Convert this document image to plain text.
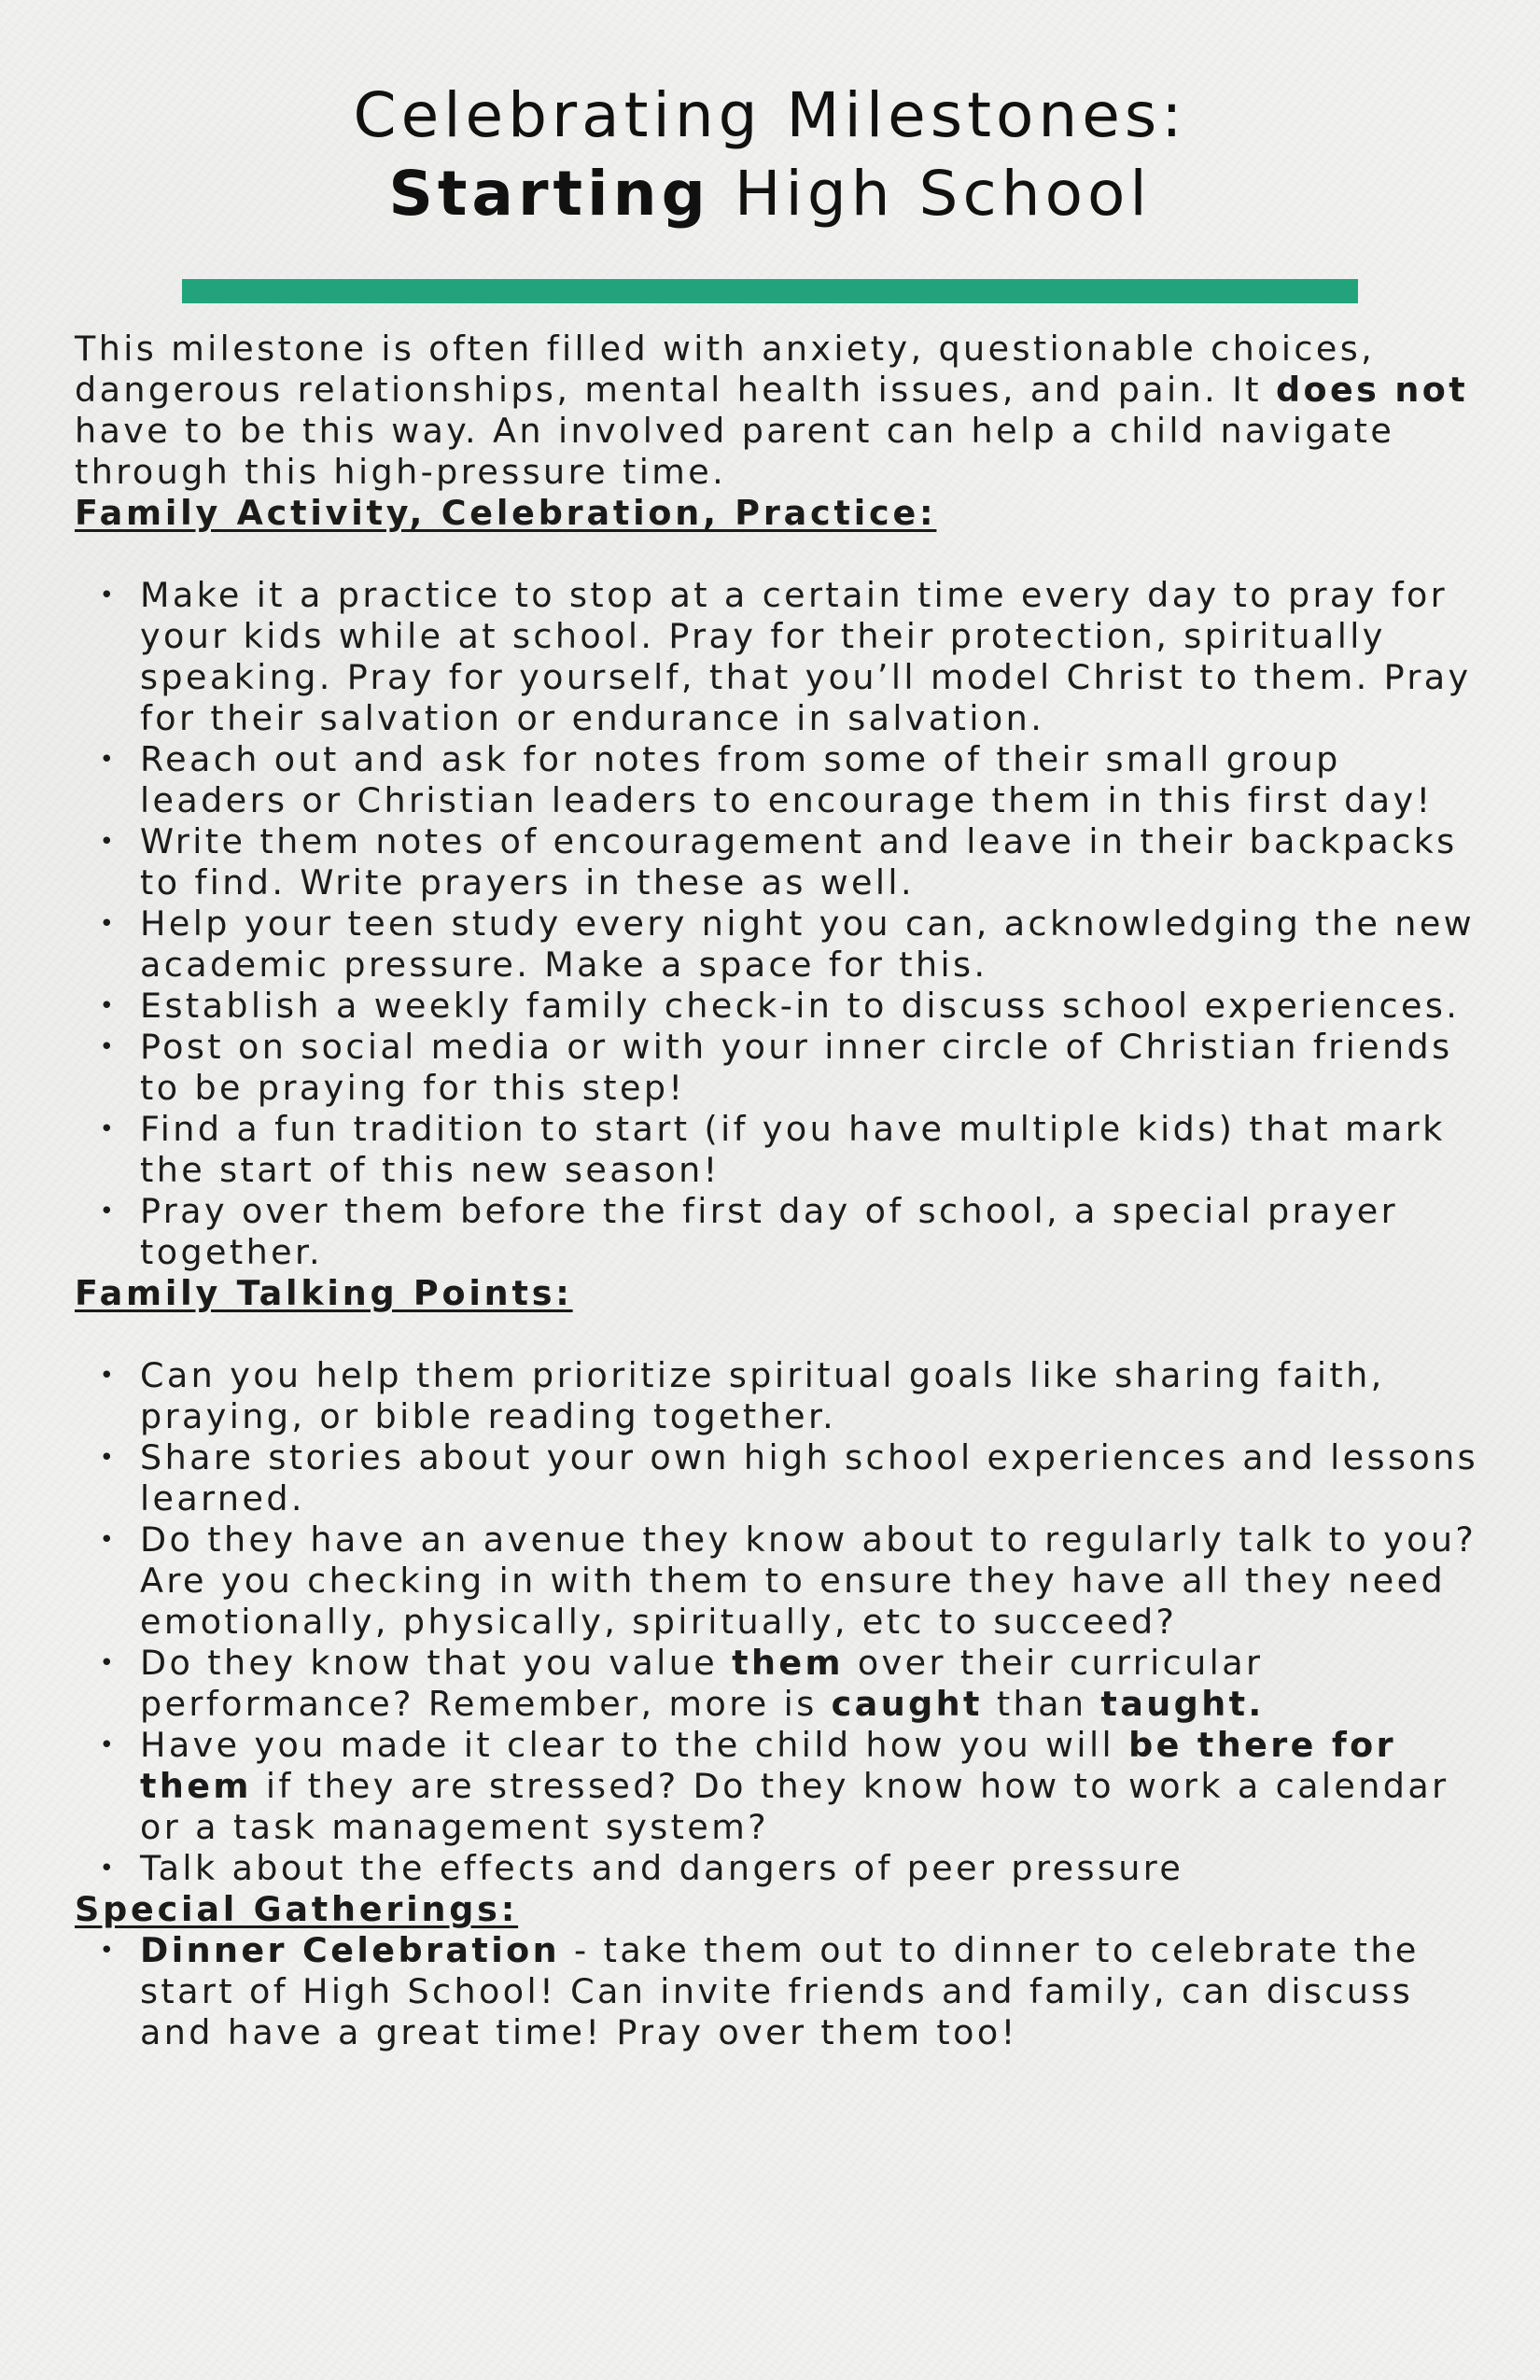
Celebrating Milestones:
Starting High School

This milestone is often filled with anxiety, questionable choices, dangerous relationships, mental health issues, and pain. It does not have to be this way. An involved parent can help a child navigate through this high-pressure time.

Family Activity, Celebration, Practice:

• Make it a practice to stop at a certain time every day to pray for your kids while at school. Pray for their protection, spiritually speaking. Pray for yourself, that you’ll model Christ to them. Pray for their salvation or endurance in salvation.
• Reach out and ask for notes from some of their small group leaders or Christian leaders to encourage them in this first day!
• Write them notes of encouragement and leave in their backpacks to find. Write prayers in these as well.
• Help your teen study every night you can, acknowledging the new academic pressure. Make a space for this.
• Establish a weekly family check-in to discuss school experiences.
• Post on social media or with your inner circle of Christian friends to be praying for this step!
• Find a fun tradition to start (if you have multiple kids) that mark the start of this new season!
• Pray over them before the first day of school, a special prayer together.

Family Talking Points:

• Can you help them prioritize spiritual goals like sharing faith, praying, or bible reading together.
• Share stories about your own high school experiences and lessons learned.
• Do they have an avenue they know about to regularly talk to you? Are you checking in with them to ensure they have all they need emotionally, physically, spiritually, etc to succeed?
• Do they know that you value them over their curricular performance? Remember, more is caught than taught.
• Have you made it clear to the child how you will be there for them if they are stressed? Do they know how to work a calendar or a task management system?
• Talk about the effects and dangers of peer pressure

Special Gatherings:

• Dinner Celebration - take them out to dinner to celebrate the start of High School! Can invite friends and family, can discuss and have a great time! Pray over them too!
